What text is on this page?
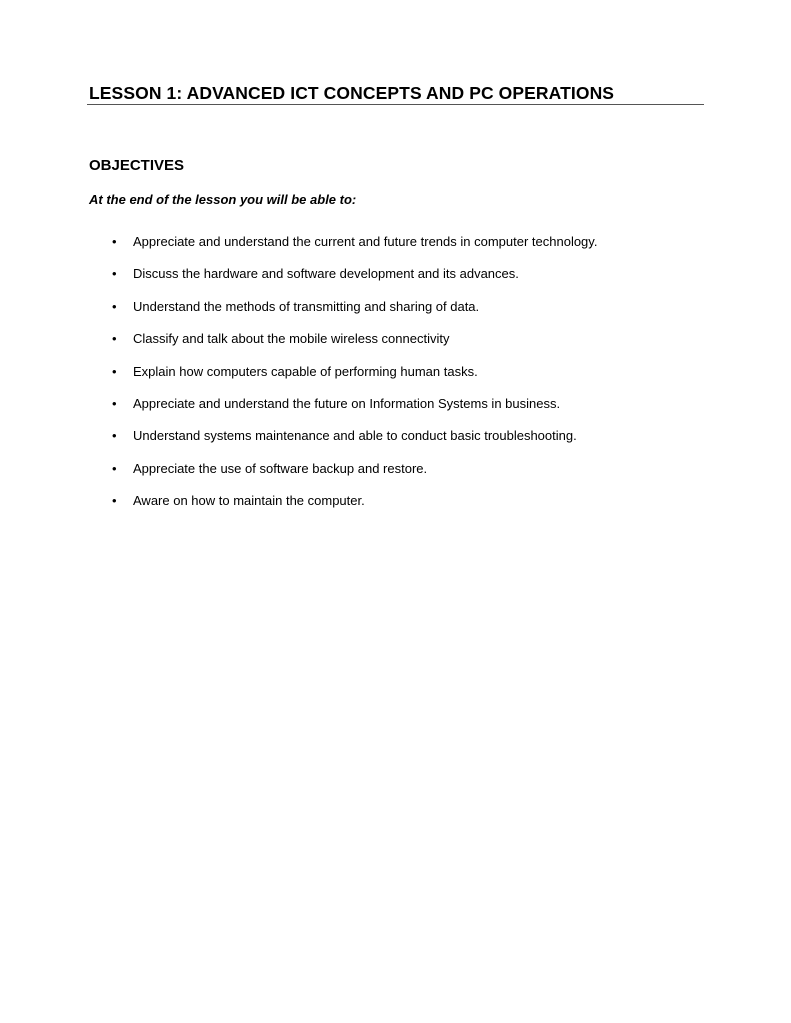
LESSON 1: ADVANCED ICT CONCEPTS AND PC OPERATIONS
OBJECTIVES

At the end of the lesson you will be able to:

• Appreciate and understand the current and future trends in computer technology.
• Discuss the hardware and software development and its advances.
• Understand the methods of transmitting and sharing of data.
• Classify and talk about the mobile wireless connectivity
• Explain how computers capable of performing human tasks.
• Appreciate and understand the future on Information Systems in business.
• Understand systems maintenance and able to conduct basic troubleshooting.
• Appreciate the use of software backup and restore.
• Aware on how to maintain the computer.
